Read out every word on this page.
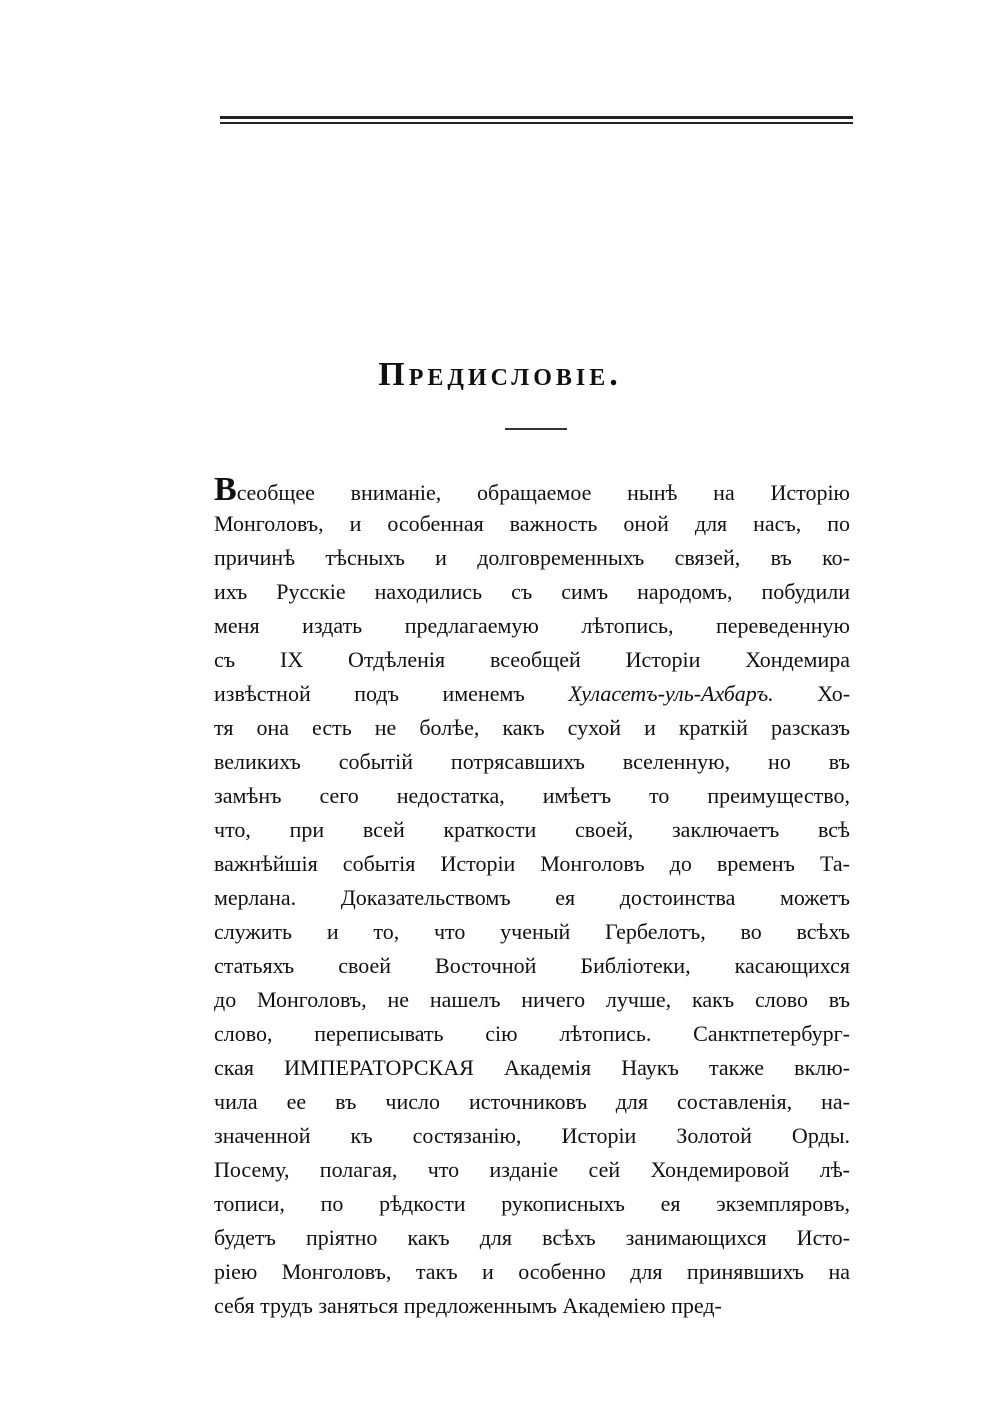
Предисловіе.
Вceобщее вниманіе, обращаемое нынѣ на Исторію
Монголовъ, и особенная важность оной для насъ, по
причинѣ тѣсныхъ и долговременныхъ связей, въ ко-
ихъ Русскіе находились съ симъ народомъ, побудили
меня издать предлагаемую лѣтопись, переведенную
съ IX Отдѣленія всеобщей Исторіи Хондемира
извѣстной подъ именемъ Хуласетъ-уль-Ахбаръ. Хо-
тя она есть не болѣе, какъ сухой и краткій разсказъ
великихъ событій потрясавшихъ вселенную, но въ
замѣнъ сего недостатка, имѣетъ то преимущество,
что, при всей краткости своей, заключаетъ всѣ
важнѣйшія событія Исторіи Монголовъ до временъ Та-
мерлана. Доказательствомъ ея достоинства можетъ
служить и то, что ученый Гербелотъ, во всѣхъ
статьяхъ своей Восточной Библіотеки, касающихся
до Монголовъ, не нашелъ ничего лучше, какъ слово въ
слово, переписывать сію лѣтопись. Санктпетербург-
ская ИМПЕРАТОРСКАЯ Академія Наукъ также вклю-
чила ее въ число источниковъ для составленія, на-
значенной къ состязанію, Исторіи Золотой Орды.
Посему, полагая, что изданіе сей Хондемировой лѣ-
тописи, по рѣдкости рукописныхъ ея экземпляровъ,
будетъ пріятно какъ для всѣхъ занимающихся Исто-
ріею Монголовъ, такъ и особенно для принявшихъ на
себя трудъ заняться предложеннымъ Академіею пред-
